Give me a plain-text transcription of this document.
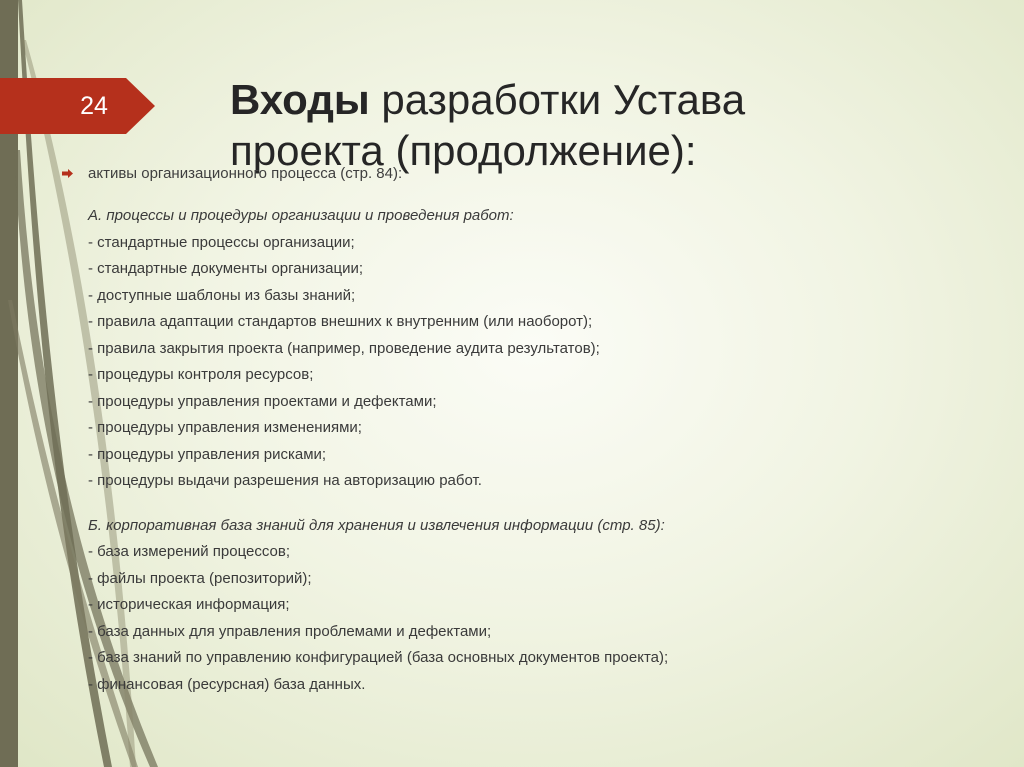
24	Входы разработки Устава проекта (продолжение):
активы организационного процесса (стр. 84):
А. процессы и процедуры организации и проведения работ:
- стандартные процессы организации;
- стандартные документы организации;
- доступные шаблоны из базы знаний;
- правила адаптации стандартов внешних к внутренним (или наоборот);
- правила закрытия проекта (например, проведение аудита результатов);
- процедуры контроля ресурсов;
- процедуры управления проектами и дефектами;
- процедуры управления изменениями;
- процедуры управления рисками;
- процедуры выдачи разрешения на авторизацию работ.
Б. корпоративная база знаний для хранения и извлечения информации (стр. 85):
- база измерений процессов;
- файлы проекта (репозиторий);
- историческая информация;
- база данных для управления проблемами и дефектами;
- база знаний по управлению конфигурацией (база основных документов проекта);
- финансовая (ресурсная) база данных.
